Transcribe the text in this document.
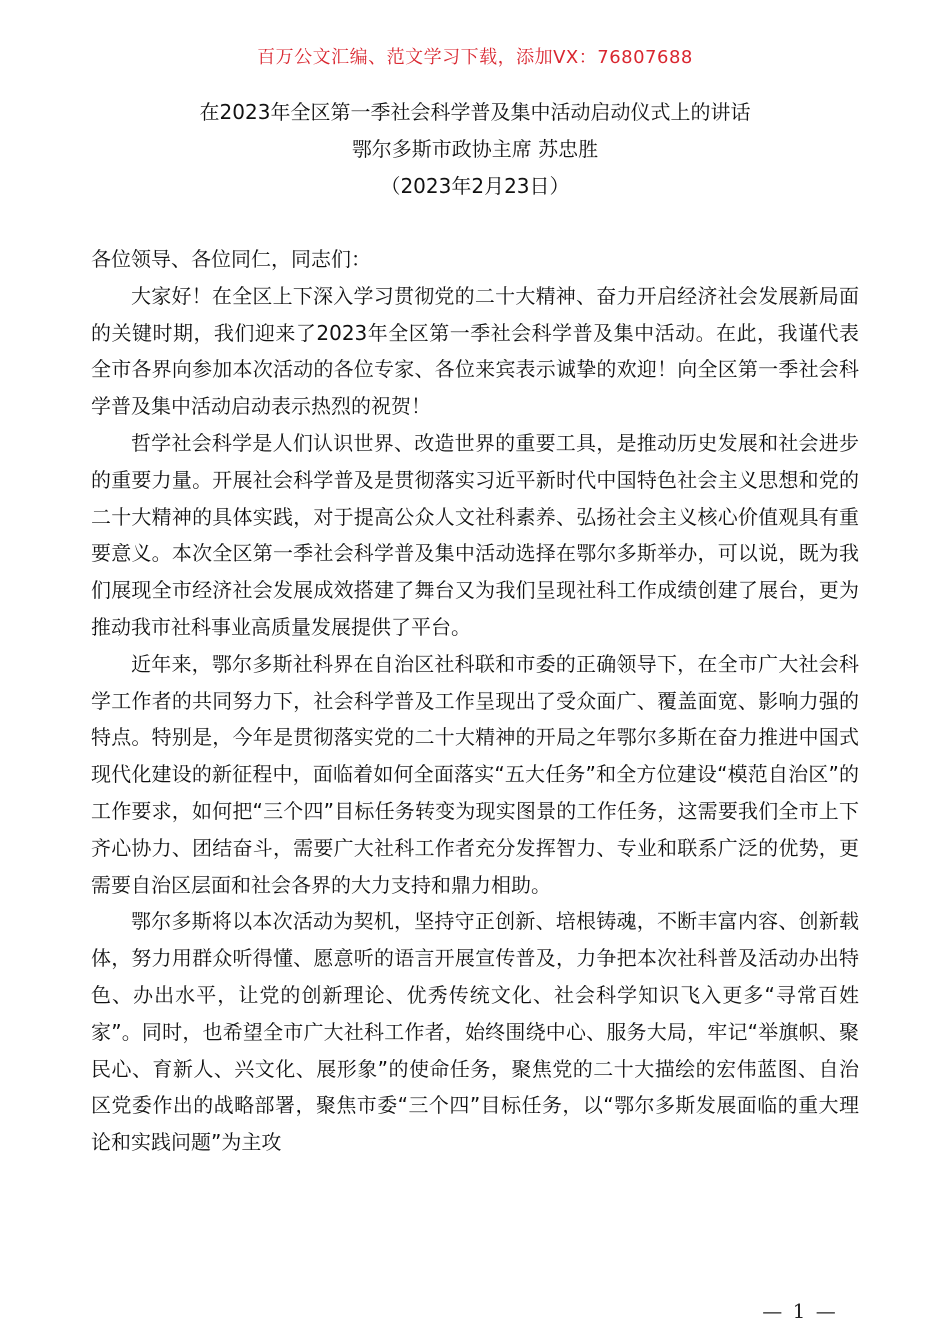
百万公文汇编、范文学习下载，添加VX：76807688
在2023年全区第一季社会科学普及集中活动启动仪式上的讲话
鄂尔多斯市政协主席 苏忠胜
（2023年2月23日）

各位领导、各位同仁，同志们：

大家好！在全区上下深入学习贯彻党的二十大精神、奋力开启经济社会发展新局面的关键时期，我们迎来了2023年全区第一季社会科学普及集中活动。在此，我谨代表全市各界向参加本次活动的各位专家、各位来宾表示诚挚的欢迎！向全区第一季社会科学普及集中活动启动表示热烈的祝贺！

哲学社会科学是人们认识世界、改造世界的重要工具，是推动历史发展和社会进步的重要力量。开展社会科学普及是贯彻落实习近平新时代中国特色社会主义思想和党的二十大精神的具体实践，对于提高公众人文社科素养、弘扬社会主义核心价值观具有重要意义。本次全区第一季社会科学普及集中活动选择在鄂尔多斯举办，可以说，既为我们展现全市经济社会发展成效搭建了舞台又为我们呈现社科工作成绩创建了展台，更为推动我市社科事业高质量发展提供了平台。

近年来，鄂尔多斯社科界在自治区社科联和市委的正确领导下，在全市广大社会科学工作者的共同努力下，社会科学普及工作呈现出了受众面广、覆盖面宽、影响力强的特点。特别是，今年是贯彻落实党的二十大精神的开局之年鄂尔多斯在奋力推进中国式现代化建设的新征程中，面临着如何全面落实“五大任务”和全方位建设“模范自治区”的工作要求，如何把“三个四”目标任务转变为现实图景的工作任务，这需要我们全市上下齐心协力、团结奋斗，需要广大社科工作者充分发挥智力、专业和联系广泛的优势，更需要自治区层面和社会各界的大力支持和鼎力相助。

鄂尔多斯将以本次活动为契机，坚持守正创新、培根铸魂，不断丰富内容、创新载体，努力用群众听得懂、愿意听的语言开展宣传普及，力争把本次社科普及活动办出特色、办出水平，让党的创新理论、优秀传统文化、社会科学知识飞入更多“寻常百姓家”。同时，也希望全市广大社科工作者，始终围绕中心、服务大局，牢记“举旗帜、聚民心、育新人、兴文化、展形象”的使命任务，聚焦党的二十大描绘的宏伟蓝图、自治区党委作出的战略部署，聚焦市委“三个四”目标任务，以“鄂尔多斯发展面临的重大理论和实践问题”为主攻

— 1 —
